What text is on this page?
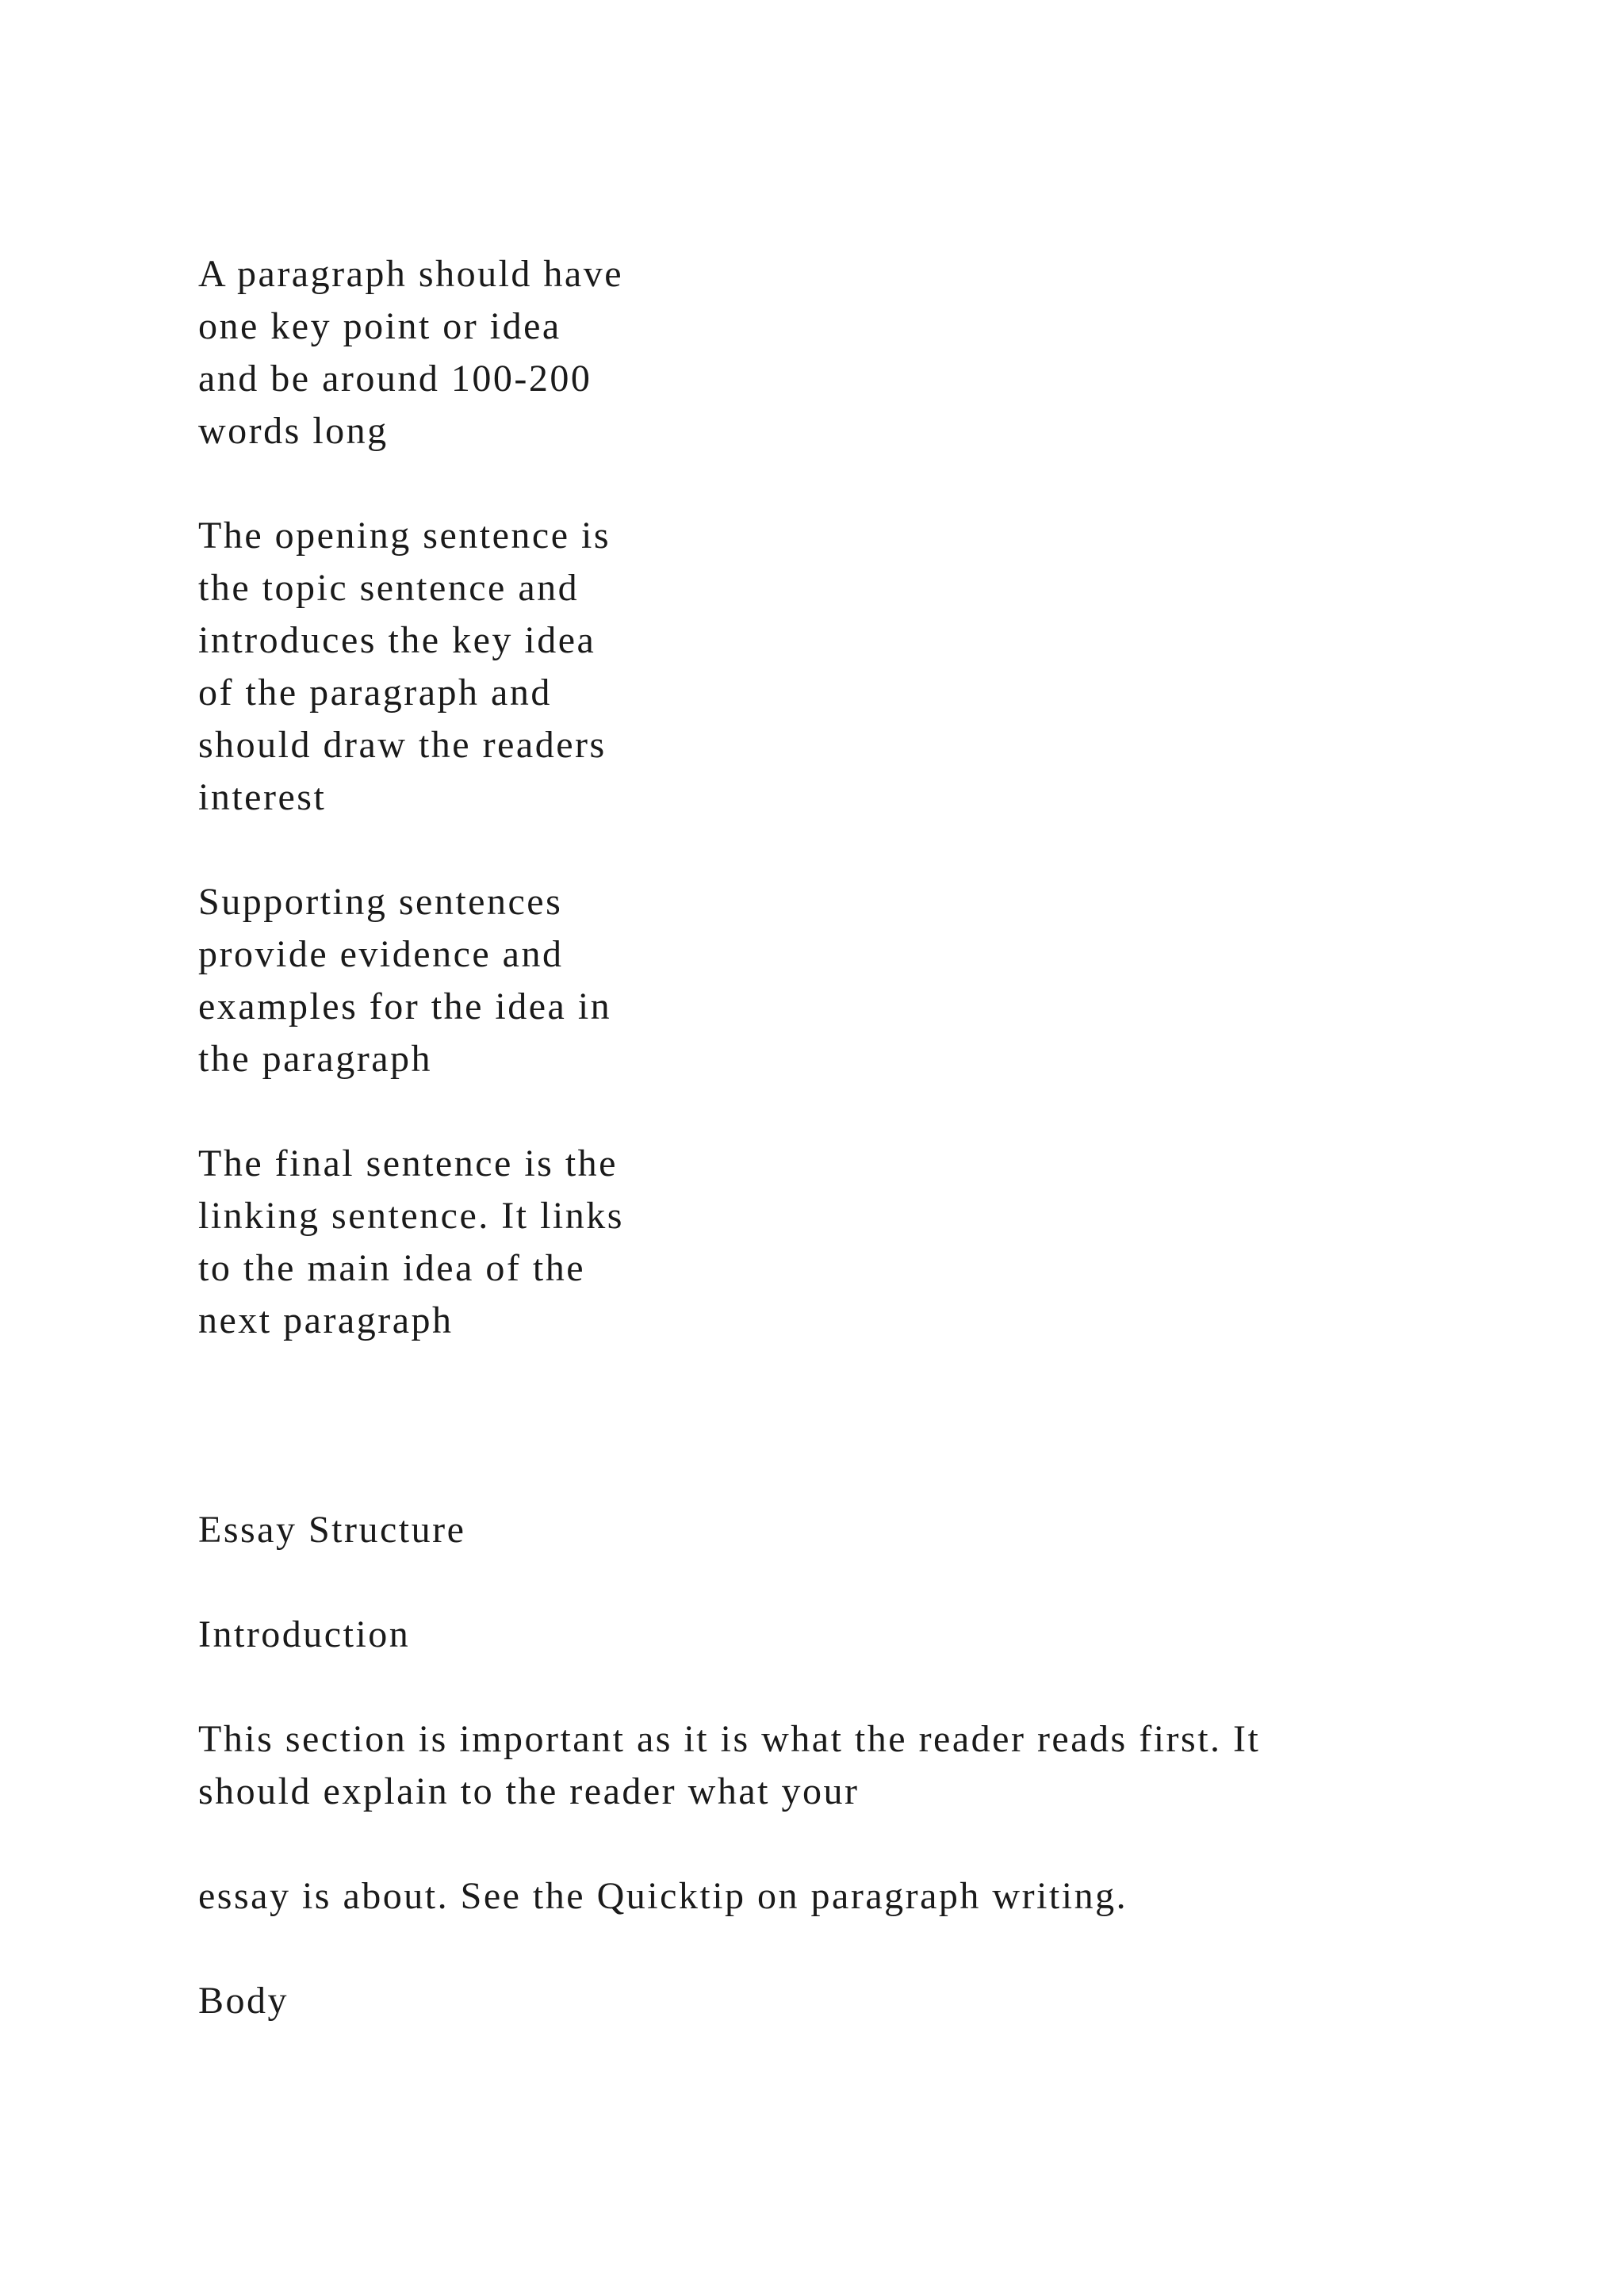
A paragraph should have
one key point or idea
and be around 100-200
words long
The opening sentence is
the topic sentence and
introduces the key idea
of the paragraph and
should draw the readers
interest
Supporting sentences
provide evidence and
examples for the idea in
the paragraph
The final sentence is the
linking sentence. It links
to the main idea of the
next paragraph
Essay Structure
Introduction
This section is important as it is what the reader reads first. It
should explain to the reader what your
essay is about. See the Quicktip on paragraph writing.
Body
